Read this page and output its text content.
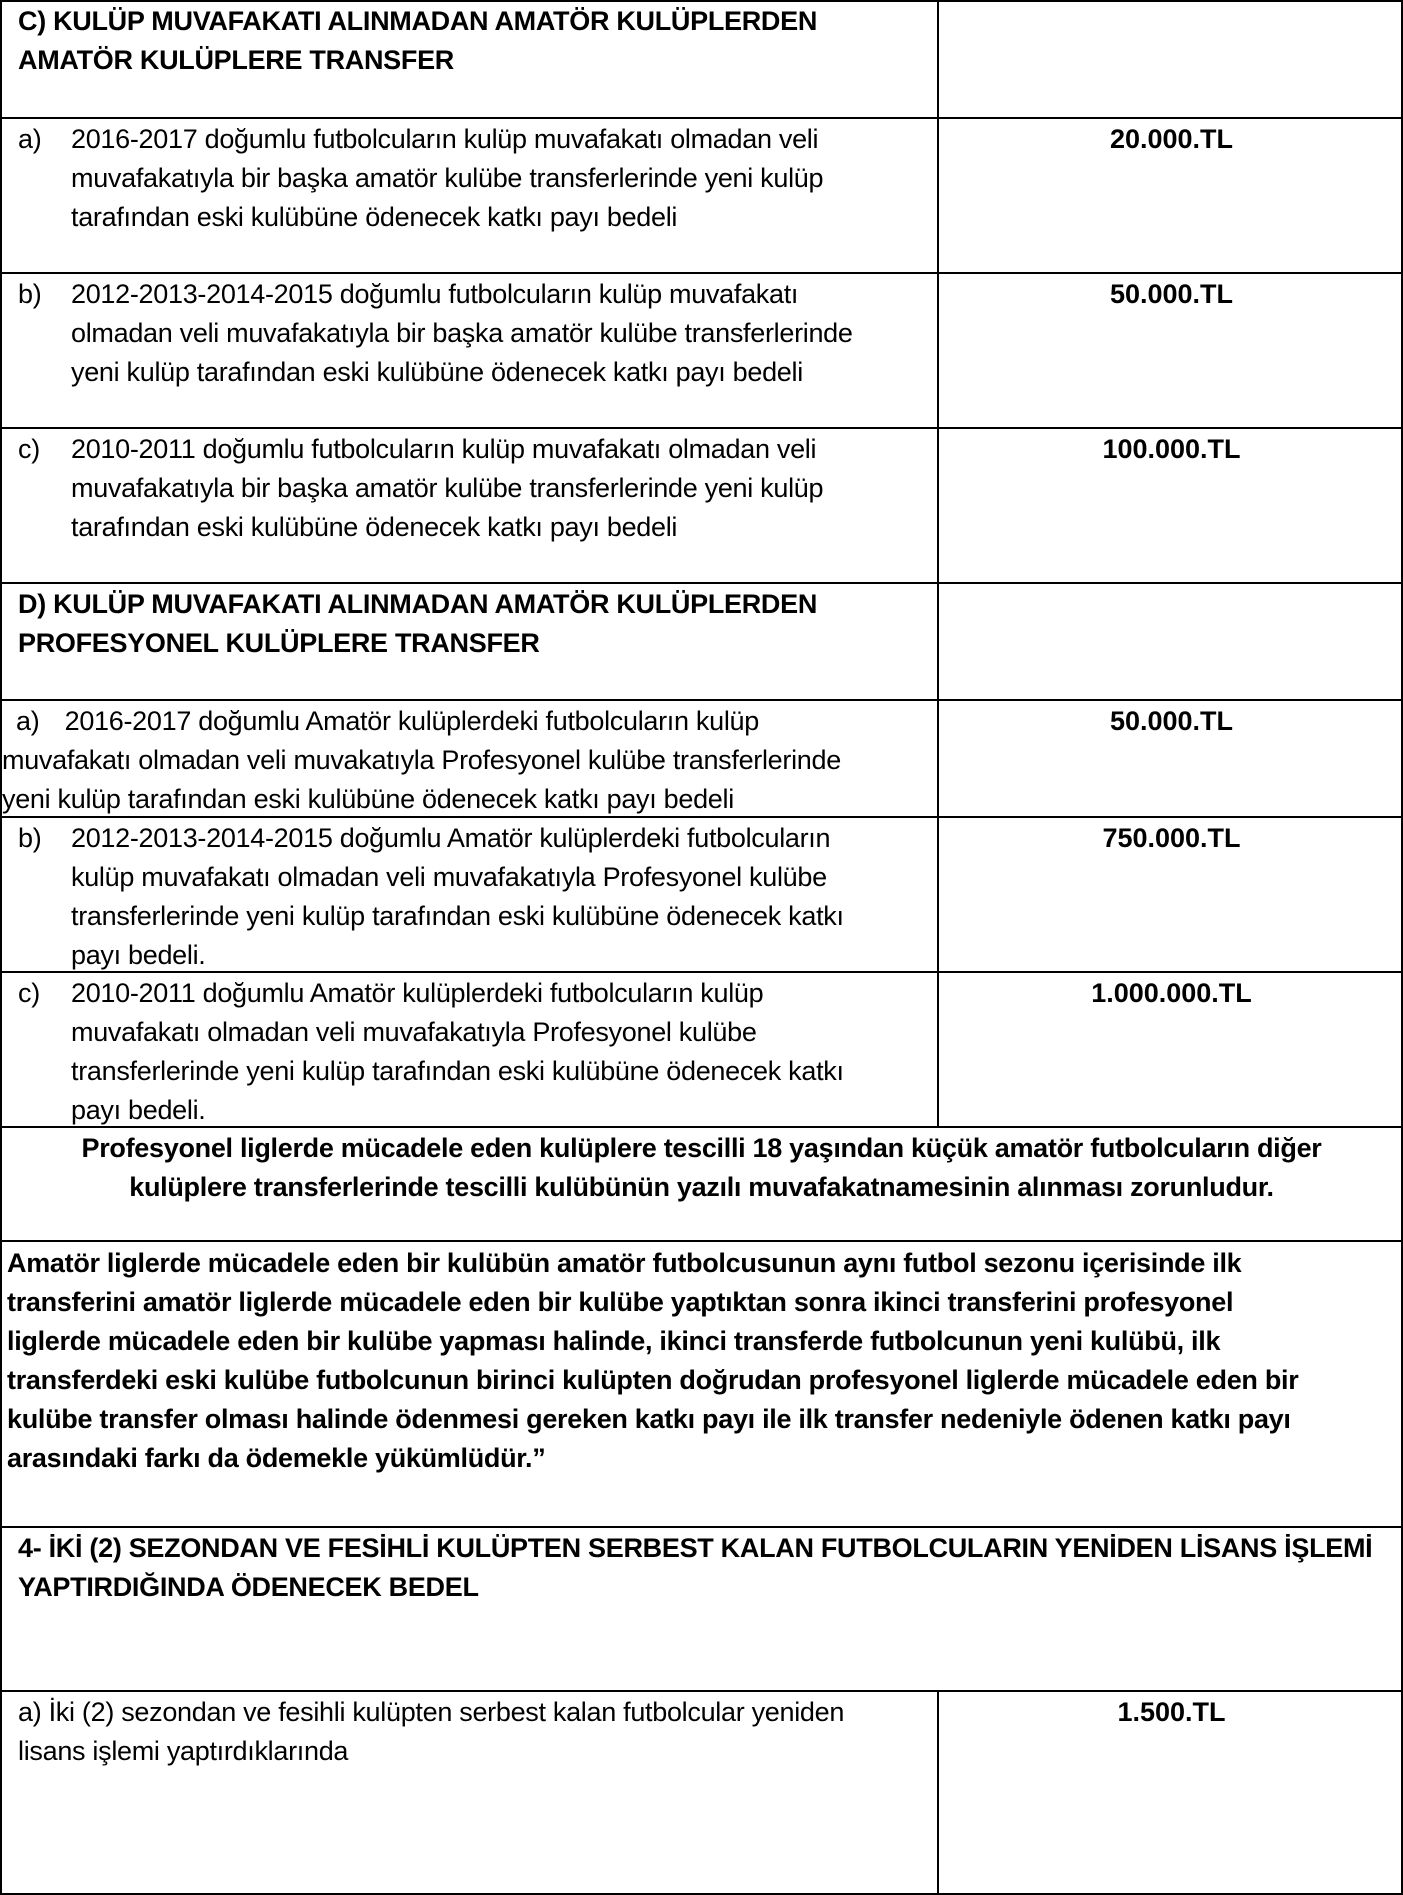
C) KULÜP MUVAFAKATI ALINMADAN AMATÖR KULÜPLERDEN
AMATÖR KULÜPLERE TRANSFER
a) 2016-2017 doğumlu futbolcuların kulüp muvafakatı olmadan veli
muvafakatıyla bir başka amatör kulübe transferlerinde yeni kulüp
tarafından eski kulübüne ödenecek katkı payı bedeli
20.000.TL
b) 2012-2013-2014-2015 doğumlu futbolcuların kulüp muvafakatı
olmadan veli muvafakatıyla bir başka amatör kulübe transferlerinde
yeni kulüp tarafından eski kulübüne ödenecek katkı payı bedeli
50.000.TL
c) 2010-2011 doğumlu futbolcuların kulüp muvafakatı olmadan veli
muvafakatıyla bir başka amatör kulübe transferlerinde yeni kulüp
tarafından eski kulübüne ödenecek katkı payı bedeli
100.000.TL
D) KULÜP MUVAFAKATI ALINMADAN AMATÖR KULÜPLERDEN
PROFESYONEL KULÜPLERE TRANSFER
a) 2016-2017 doğumlu Amatör kulüplerdeki futbolcuların kulüp
muvafakatı olmadan veli muvakatıyla Profesyonel kulübe transferlerinde
yeni kulüp tarafından eski kulübüne ödenecek katkı payı bedeli
50.000.TL
b) 2012-2013-2014-2015 doğumlu Amatör kulüplerdeki futbolcuların
kulüp muvafakatı olmadan veli muvafakatıyla Profesyonel kulübe
transferlerinde yeni kulüp tarafından eski kulübüne ödenecek katkı
payı bedeli.
750.000.TL
c) 2010-2011 doğumlu Amatör kulüplerdeki futbolcuların kulüp
muvafakatı olmadan veli muvafakatıyla Profesyonel kulübe
transferlerinde yeni kulüp tarafından eski kulübüne ödenecek katkı
payı bedeli.
1.000.000.TL
Profesyonel liglerde mücadele eden kulüplere tescilli 18 yaşından küçük amatör futbolcuların diğer
kulüplere transferlerinde tescilli kulübünün yazılı muvafakatnamesinin alınması zorunludur.
Amatör liglerde mücadele eden bir kulübün amatör futbolcusunun aynı futbol sezonu içerisinde ilk
transferini amatör liglerde mücadele eden bir kulübe yaptıktan sonra ikinci transferini profesyonel
liglerde mücadele eden bir kulübe yapması halinde, ikinci transferde futbolcunun yeni kulübü, ilk
transferdeki eski kulübe futbolcunun birinci kulüpten doğrudan profesyonel liglerde mücadele eden bir
kulübe transfer olması halinde ödenmesi gereken katkı payı ile ilk transfer nedeniyle ödenen katkı payı
arasındaki farkı da ödemekle yükümlüdür.”
4- İKİ (2) SEZONDAN VE FESİHLİ KULÜPTEN SERBEST KALAN FUTBOLCULARIN YENİDEN LİSANS İŞLEMİ
YAPTIRDIĞINDA ÖDENECEK BEDEL
a) İki (2) sezondan ve fesihli kulüpten serbest kalan futbolcular yeniden
lisans işlemi yaptırdıklarında
1.500.TL
